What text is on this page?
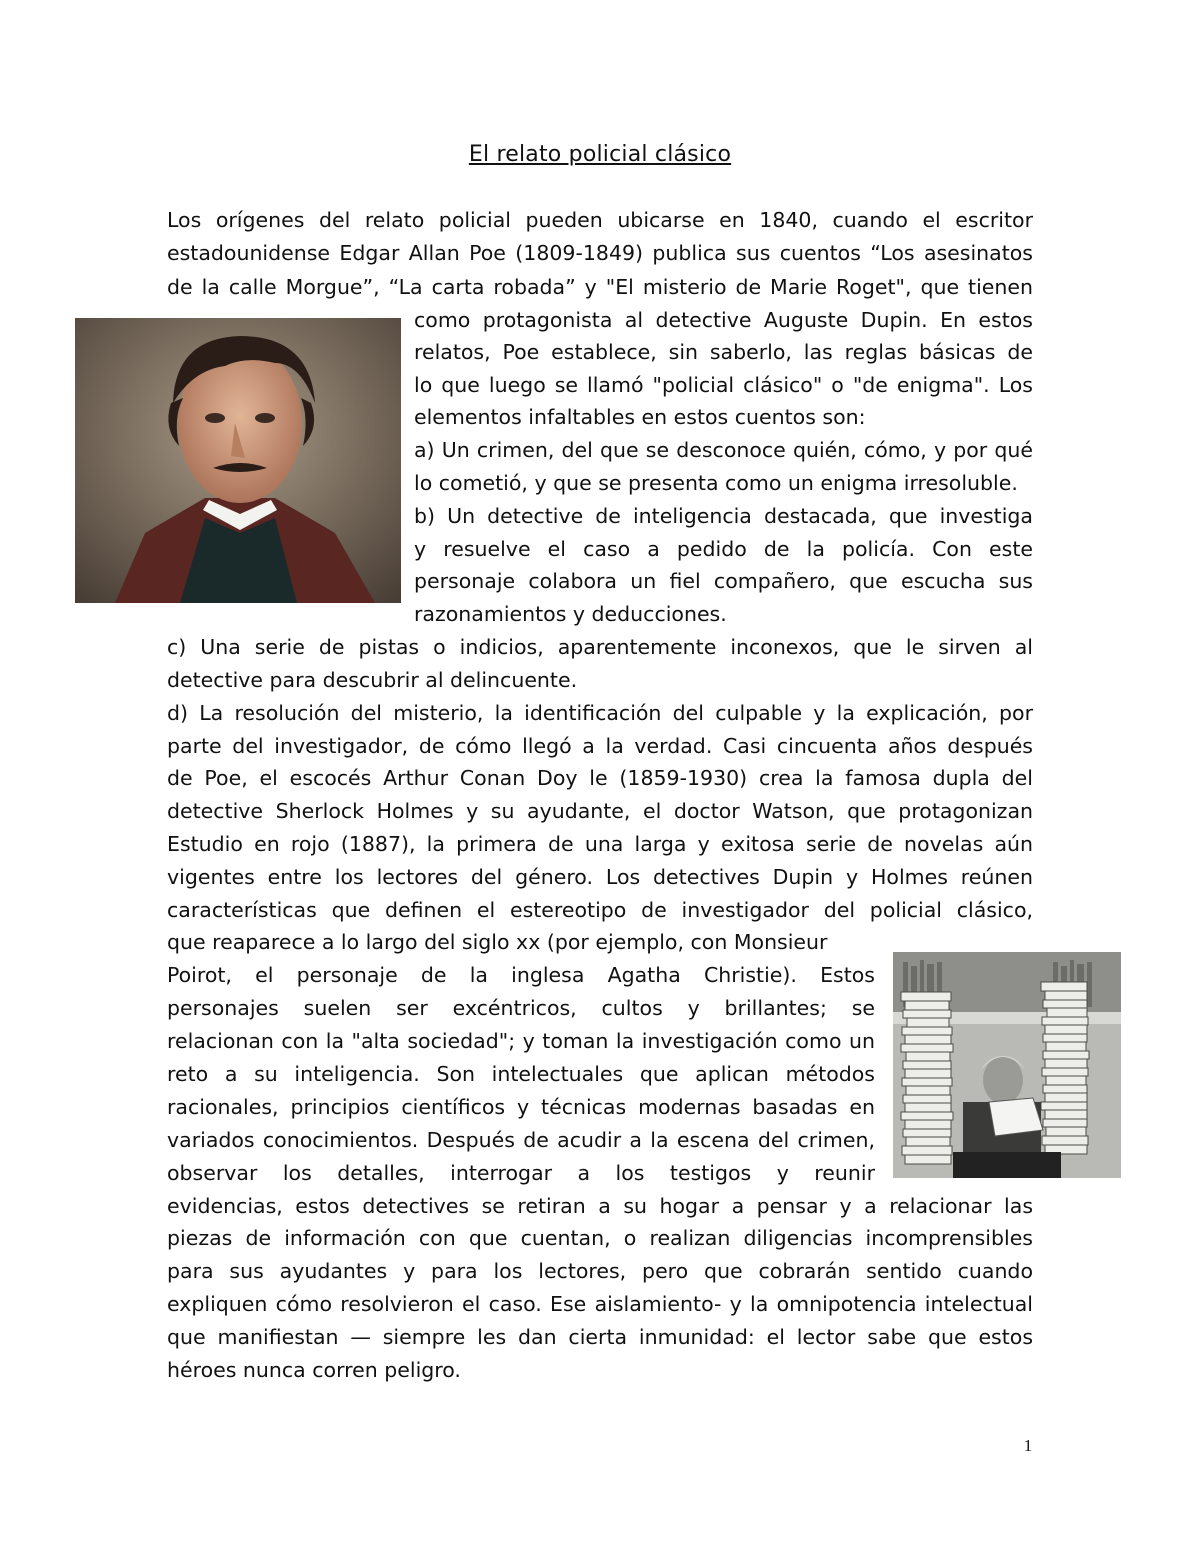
El relato policial clásico
Los orígenes del relato policial pueden ubicarse en 1840, cuando el escritor
estadounidense Edgar Allan Poe (1809-1849) publica sus cuentos “Los asesinatos
de la calle Morgue”, “La carta robada” y "El misterio de Marie Roget", que tienen
como protagonista al detective Auguste Dupin. En estos
relatos, Poe establece, sin saberlo, las reglas básicas de
lo que luego se llamó "policial clásico" o "de enigma". Los
elementos infaltables en estos cuentos son:
a) Un crimen, del que se desconoce quién, cómo, y por qué
lo cometió, y que se presenta como un enigma irresoluble.
b) Un detective de inteligencia destacada, que investiga
y resuelve el caso a pedido de la policía. Con este
personaje colabora un fiel compañero, que escucha sus
razonamientos y deducciones.
c) Una serie de pistas o indicios, aparentemente inconexos, que le sirven al
detective para descubrir al delincuente.
d) La resolución del misterio, la identificación del culpable y la explicación, por
parte del investigador, de cómo llegó a la verdad. Casi cincuenta años después
de Poe, el escocés Arthur Conan Doy le (1859-1930) crea la famosa dupla del
detective Sherlock Holmes y su ayudante, el doctor Watson, que protagonizan
Estudio en rojo (1887), la primera de una larga y exitosa serie de novelas aún
vigentes entre los lectores del género. Los detectives Dupin y Holmes reúnen
características que definen el estereotipo de investigador del policial clásico,
que reaparece a lo largo del siglo xx (por ejemplo, con Monsieur
Poirot, el personaje de la inglesa Agatha Christie). Estos
personajes suelen ser excéntricos, cultos y brillantes; se
relacionan con la "alta sociedad"; y toman la investigación como un
reto a su inteligencia. Son intelectuales que aplican métodos
racionales, principios científicos y técnicas modernas basadas en
variados conocimientos. Después de acudir a la escena del crimen,
observar los detalles, interrogar a los testigos y reunir
evidencias, estos detectives se retiran a su hogar a pensar y a relacionar las
piezas de información con que cuentan, o realizan diligencias incomprensibles
para sus ayudantes y para los lectores, pero que cobrarán sentido cuando
expliquen cómo resolvieron el caso. Ese aislamiento- y la omnipotencia intelectual
que manifiestan — siempre les dan cierta inmunidad: el lector sabe que estos
héroes nunca corren peligro.
1
